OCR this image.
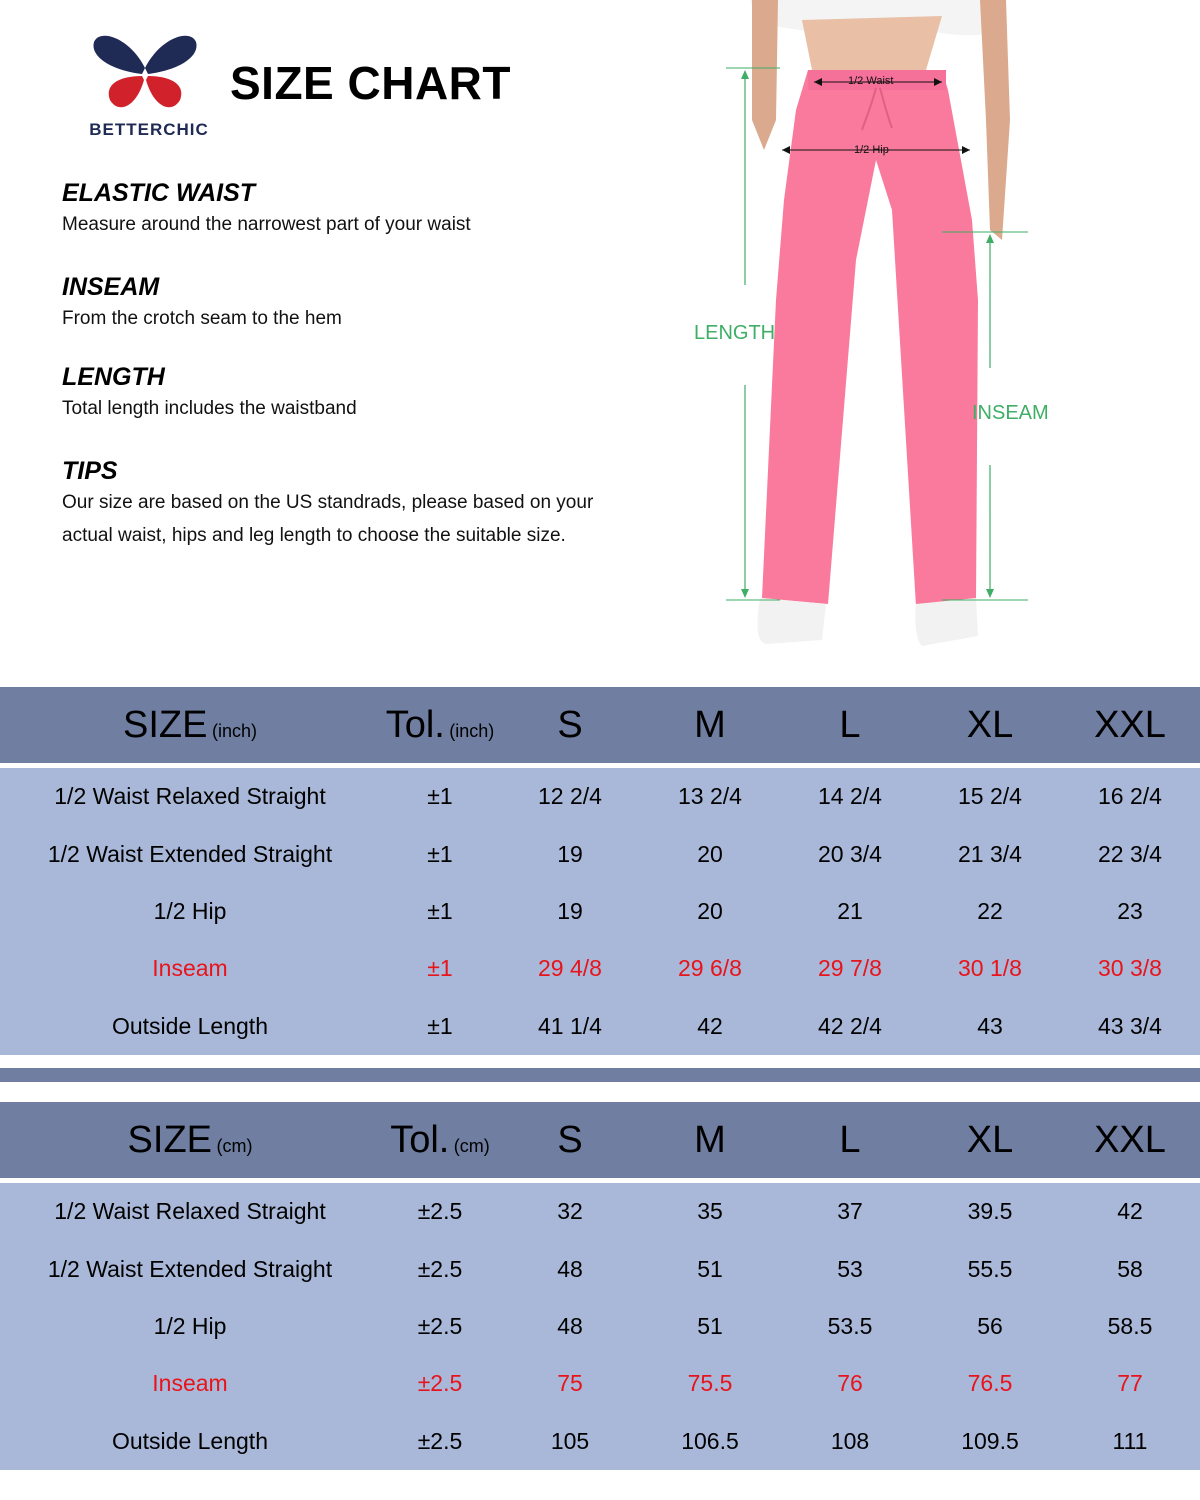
BETTERCHIC
SIZE CHART
ELASTIC WAIST

Measure around the narrowest part of your waist

INSEAM

From the crotch seam to the hem

LENGTH

Total length includes the waistband

TIPS

Our size are based on the US standrads, please based on your actual waist, hips and leg length to choose the suitable size.

1/2 Waist
1/2 Hip
LENGTH
INSEAM
SIZE (inch)	Tol. (inch)	S	M	L	XL	XXL

1/2 Waist Relaxed Straight	±1	12 2/4	13 2/4	14 2/4	15 2/4	16 2/4
1/2 Waist Extended Straight	±1	19	20	20 3/4	21 3/4	22 3/4
1/2 Hip	±1	19	20	21	22	23
Inseam	±1	29 4/8	29 6/8	29 7/8	30 1/8	30 3/8
Outside Length	±1	41 1/4	42	42 2/4	43	43 3/4
SIZE (cm)	Tol. (cm)	S	M	L	XL	XXL

1/2 Waist Relaxed Straight	±2.5	32	35	37	39.5	42
1/2 Waist Extended Straight	±2.5	48	51	53	55.5	58
1/2 Hip	±2.5	48	51	53.5	56	58.5
Inseam	±2.5	75	75.5	76	76.5	77
Outside Length	±2.5	105	106.5	108	109.5	111
